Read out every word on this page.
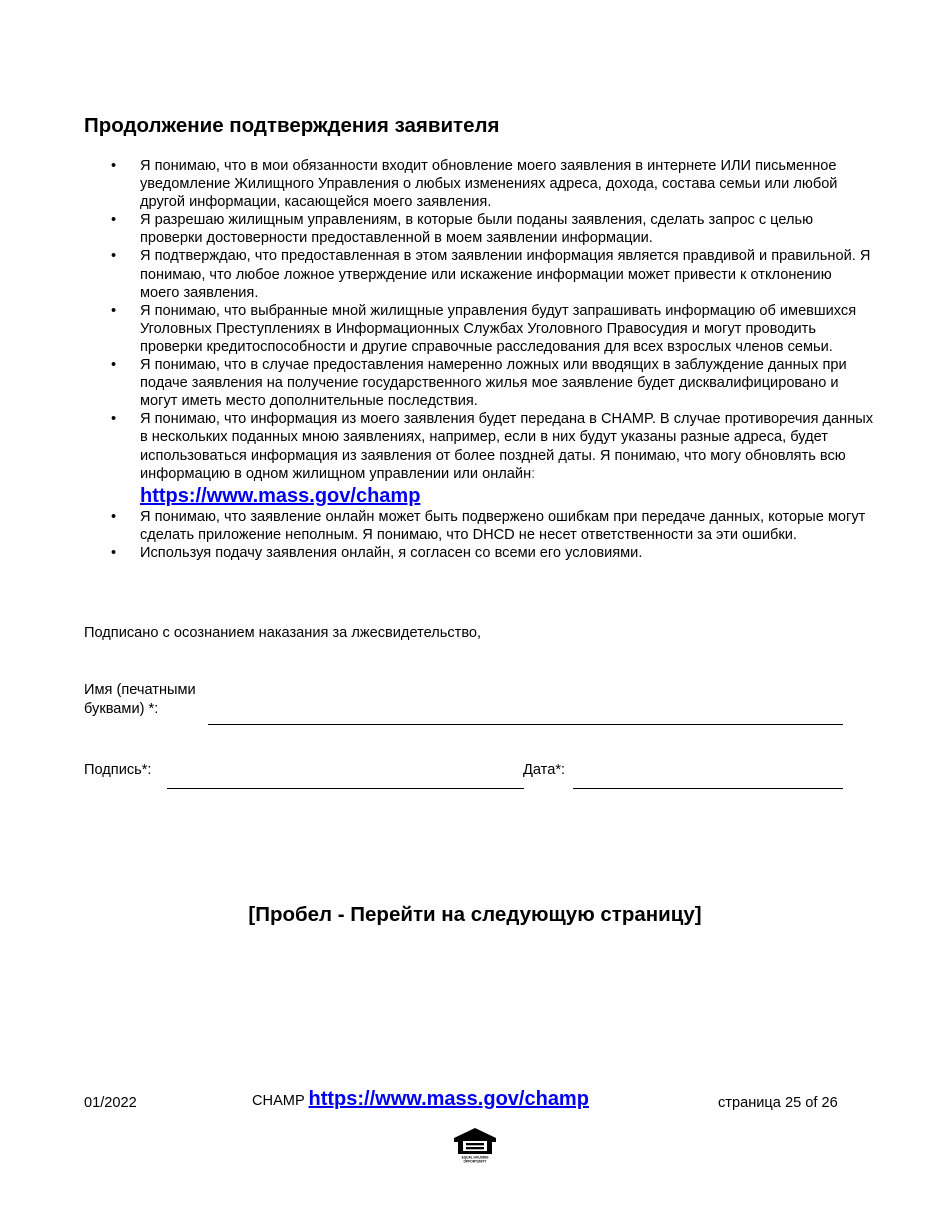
Продолжение подтверждения заявителя
• Я понимаю, что в мои обязанности входит обновление моего заявления в интернете ИЛИ письменное уведомление Жилищного Управления о любых изменениях адреса, дохода, состава семьи или любой другой информации, касающейся моего заявления.
• Я разрешаю жилищным управлениям, в которые были поданы заявления, сделать запрос с целью проверки достоверности предоставленной в моем заявлении информации.
• Я подтверждаю, что предоставленная в этом заявлении информация является правдивой и правильной. Я понимаю, что любое ложное утверждение или искажение информации может привести к отклонению моего заявления.
• Я понимаю, что выбранные мной жилищные управления будут запрашивать информацию об имевшихся Уголовных Преступлениях в Информационных Службах Уголовного Правосудия и могут проводить проверки кредитоспособности и другие справочные расследования для всех взрослых членов семьи.
• Я понимаю, что в случае предоставления намеренно ложных или вводящих в заблуждение данных при подаче заявления на получение государственного жилья мое заявление будет дисквалифицировано и могут иметь место дополнительные последствия.
• Я понимаю, что информация из моего заявления будет передана в CHAMP. В случае противоречия данных в нескольких поданных мною заявлениях, например, если в них будут указаны разные адреса, будет использоваться информация из заявления от более поздней даты. Я понимаю, что могу обновлять всю информацию в одном жилищном управлении или онлайн:
https://www.mass.gov/champ
• Я понимаю, что заявление онлайн может быть подвержено ошибкам при передаче данных, которые могут сделать приложение неполным. Я понимаю, что DHCD не несет ответственности за эти ошибки.
• Используя подачу заявления онлайн, я согласен со всеми его условиями.

Подписано с осознанием наказания за лжесвидетельство,

Имя (печатными
буквами) *:
Подпись*:	Дата*:

[Пробел - Перейти на следующую страницу]

01/2022	CHAMP https://www.mass.gov/champ	страница 25 of 26
EQUAL HOUSING
OPPORTUNITY
